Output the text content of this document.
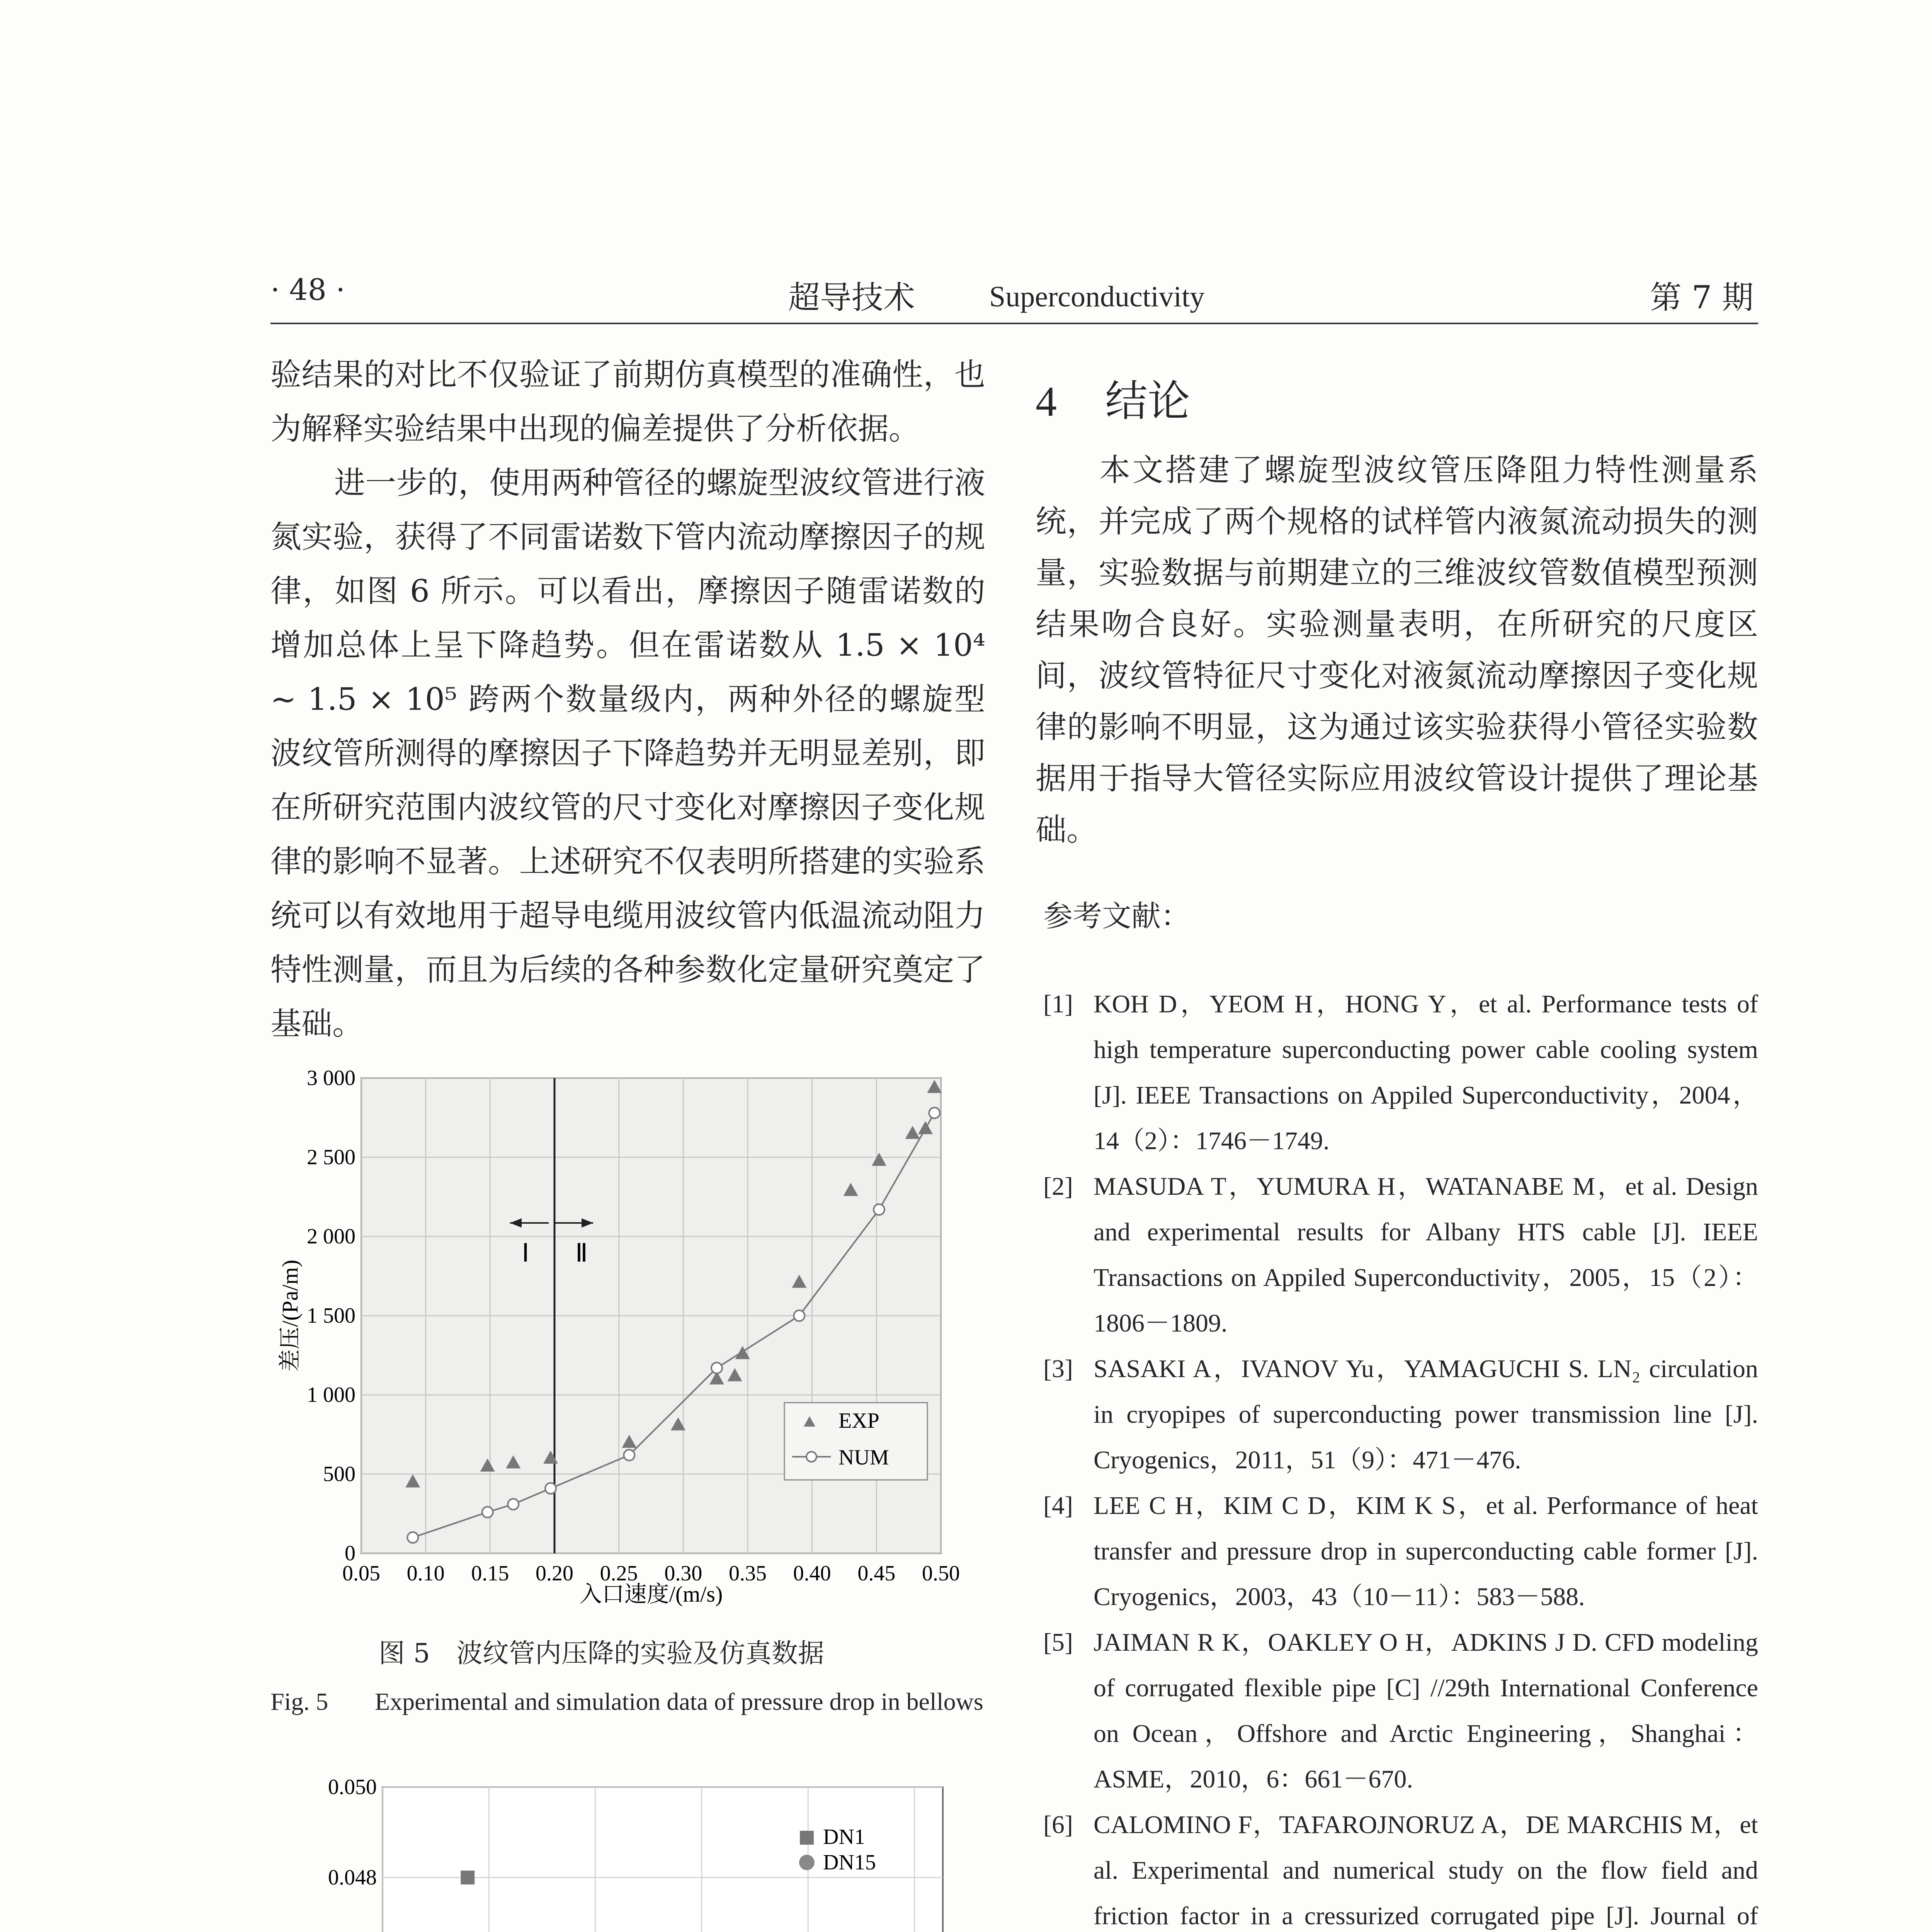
· 48 ·	超导技术	Superconductivity	第 7 期

验结果的对比不仅验证了前期仿真模型的准确性，也为解释实验结果中出现的偏差提供了分析依据。

进一步的，使用两种管径的螺旋型波纹管进行液氮实验，获得了不同雷诺数下管内流动摩擦因子的规律，如图 6 所示。可以看出，摩擦因子随雷诺数的增加总体上呈下降趋势。但在雷诺数从 1.5 × 10⁴ ~ 1.5 × 10⁵ 跨两个数量级内，两种外径的螺旋型波纹管所测得的摩擦因子下降趋势并无明显差别，即在所研究范围内波纹管的尺寸变化对摩擦因子变化规律的影响不显著。上述研究不仅表明所搭建的实验系统可以有效地用于超导电缆用波纹管内低温流动阻力特性测量，而且为后续的各种参数化定量研究奠定了基础。

0.05 0.10 0.15 0.20 0.25 0.30 0.35 0.40 0.45 0.50
0
500
1 000
1 500
2 000
2 500
3 000
Ⅰ Ⅱ
EXP
NUM
入口速度/(m/s)
差压/(Pa/m)
图 5　波纹管内压降的实验及仿真数据
Fig. 5 Experimental and simulation data of pressure drop in bellows
0.048
0.050
DN1
DN15
4 结论

本文搭建了螺旋型波纹管压降阻力特性测量系统，并完成了两个规格的试样管内液氮流动损失的测量，实验数据与前期建立的三维波纹管数值模型预测结果吻合良好。实验测量表明，在所研究的尺度区间，波纹管特征尺寸变化对液氮流动摩擦因子变化规律的影响不明显，这为通过该实验获得小管径实验数据用于指导大管径实际应用波纹管设计提供了理论基础。

参考文献：
[1] KOH D，YEOM H，HONG Y，et al. Performance tests of high temperature superconducting power cable cooling system [J]. IEEE Transactions on Appiled Superconductivity，2004，14（2）：1746－1749.
[2] MASUDA T，YUMURA H，WATANABE M，et al. Design and experimental results for Albany HTS cable [J]. IEEE Transactions on Appiled Superconductivity，2005，15（2）：1806－1809.
[3] SASAKI A，IVANOV Yu，YAMAGUCHI S. LN₂ circulation in cryopipes of superconducting power transmission line [J]. Cryogenics，2011，51（9）：471－476.
[4] LEE C H，KIM C D，KIM K S，et al. Performance of heat transfer and pressure drop in superconducting cable former [J]. Cryogenics，2003，43（10－11）：583－588.
[5] JAIMAN R K，OAKLEY O H，ADKINS J D. CFD modeling of corrugated flexible pipe [C] //29th International Conference on Ocean，Offshore and Arctic Engineering，Shanghai：ASME，2010，6：661－670.
[6] CALOMINO F，TAFAROJNORUZ A，DE MARCHIS M，et al. Experimental and numerical study on the flow field and friction factor in a cressurized corrugated pipe [J]. Journal of
